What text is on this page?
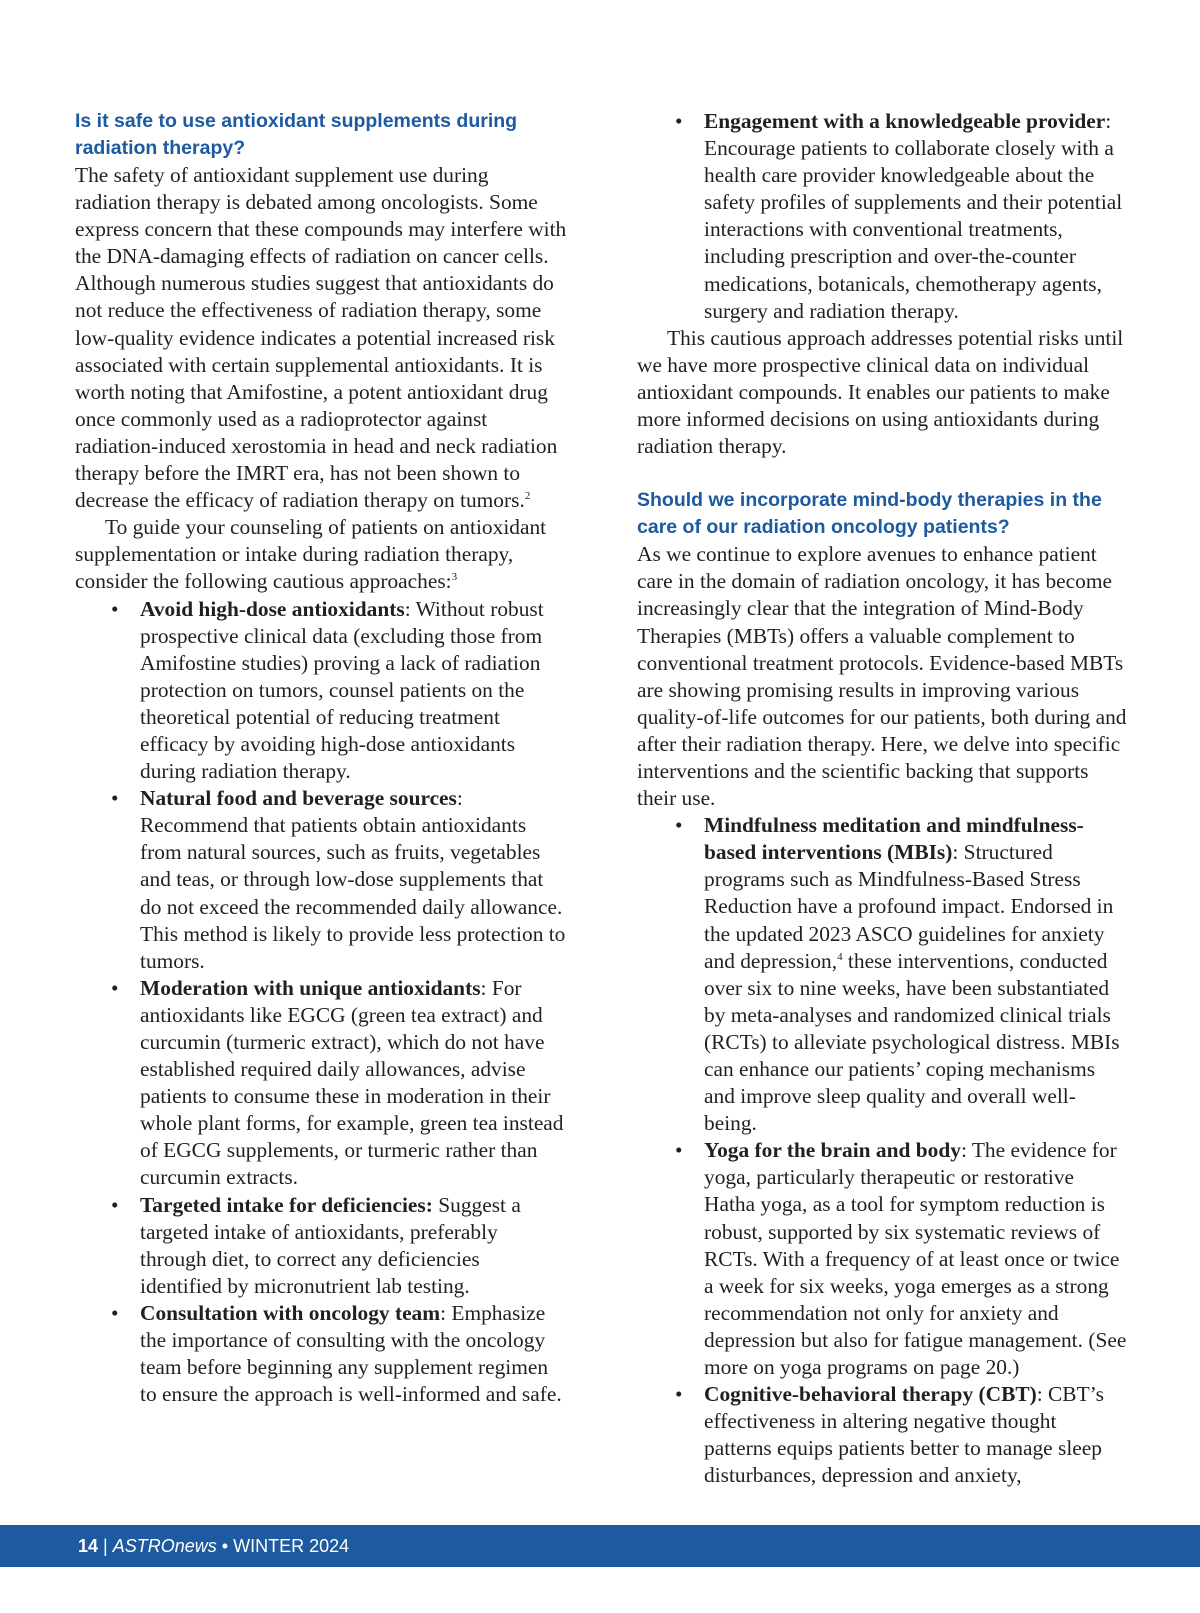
Is it safe to use antioxidant supplements during radiation therapy?

The safety of antioxidant supplement use during radiation therapy is debated among oncologists. Some express concern that these compounds may interfere with the DNA-damaging effects of radiation on cancer cells. Although numerous studies suggest that antioxidants do not reduce the effectiveness of radiation therapy, some low-quality evidence indicates a potential increased risk associated with certain supplemental antioxidants. It is worth noting that Amifostine, a potent antioxidant drug once commonly used as a radioprotector against radiation-induced xerostomia in head and neck radiation therapy before the IMRT era, has not been shown to decrease the efficacy of radiation therapy on tumors.$^2$

To guide your counseling of patients on antioxidant supplementation or intake during radiation therapy, consider the following cautious approaches:$^3$

• Avoid high-dose antioxidants: Without robust prospective clinical data (excluding those from Amifostine studies) proving a lack of radiation protection on tumors, counsel patients on the theoretical potential of reducing treatment efficacy by avoiding high-dose antioxidants during radiation therapy.
• Natural food and beverage sources: Recommend that patients obtain antioxidants from natural sources, such as fruits, vegetables and teas, or through low-dose supplements that do not exceed the recommended daily allowance. This method is likely to provide less protection to tumors.
• Moderation with unique antioxidants: For antioxidants like EGCG (green tea extract) and curcumin (turmeric extract), which do not have established required daily allowances, advise patients to consume these in moderation in their whole plant forms, for example, green tea instead of EGCG supplements, or turmeric rather than curcumin extracts.
• Targeted intake for deficiencies: Suggest a targeted intake of antioxidants, preferably through diet, to correct any deficiencies identified by micronutrient lab testing.
• Consultation with oncology team: Emphasize the importance of consulting with the oncology team before beginning any supplement regimen to ensure the approach is well-informed and safe.
• Engagement with a knowledgeable provider: Encourage patients to collaborate closely with a health care provider knowledgeable about the safety profiles of supplements and their potential interactions with conventional treatments, including prescription and over-the-counter medications, botanicals, chemotherapy agents, surgery and radiation therapy.

This cautious approach addresses potential risks until we have more prospective clinical data on individual antioxidant compounds. It enables our patients to make more informed decisions on using antioxidants during radiation therapy.

Should we incorporate mind-body therapies in the care of our radiation oncology patients?

As we continue to explore avenues to enhance patient care in the domain of radiation oncology, it has become increasingly clear that the integration of Mind-Body Therapies (MBTs) offers a valuable complement to conventional treatment protocols. Evidence-based MBTs are showing promising results in improving various quality-of-life outcomes for our patients, both during and after their radiation therapy. Here, we delve into specific interventions and the scientific backing that supports their use.

• Mindfulness meditation and mindfulness-based interventions (MBIs): Structured programs such as Mindfulness-Based Stress Reduction have a profound impact. Endorsed in the updated 2023 ASCO guidelines for anxiety and depression,$^4$ these interventions, conducted over six to nine weeks, have been substantiated by meta-analyses and randomized clinical trials (RCTs) to alleviate psychological distress. MBIs can enhance our patients’ coping mechanisms and improve sleep quality and overall well-being.
• Yoga for the brain and body: The evidence for yoga, particularly therapeutic or restorative Hatha yoga, as a tool for symptom reduction is robust, supported by six systematic reviews of RCTs. With a frequency of at least once or twice a week for six weeks, yoga emerges as a strong recommendation not only for anxiety and depression but also for fatigue management. (See more on yoga programs on page 20.)
• Cognitive-behavioral therapy (CBT): CBT’s effectiveness in altering negative thought patterns equips patients better to manage sleep disturbances, depression and anxiety,
14 | ASTROnews • WINTER 2024
